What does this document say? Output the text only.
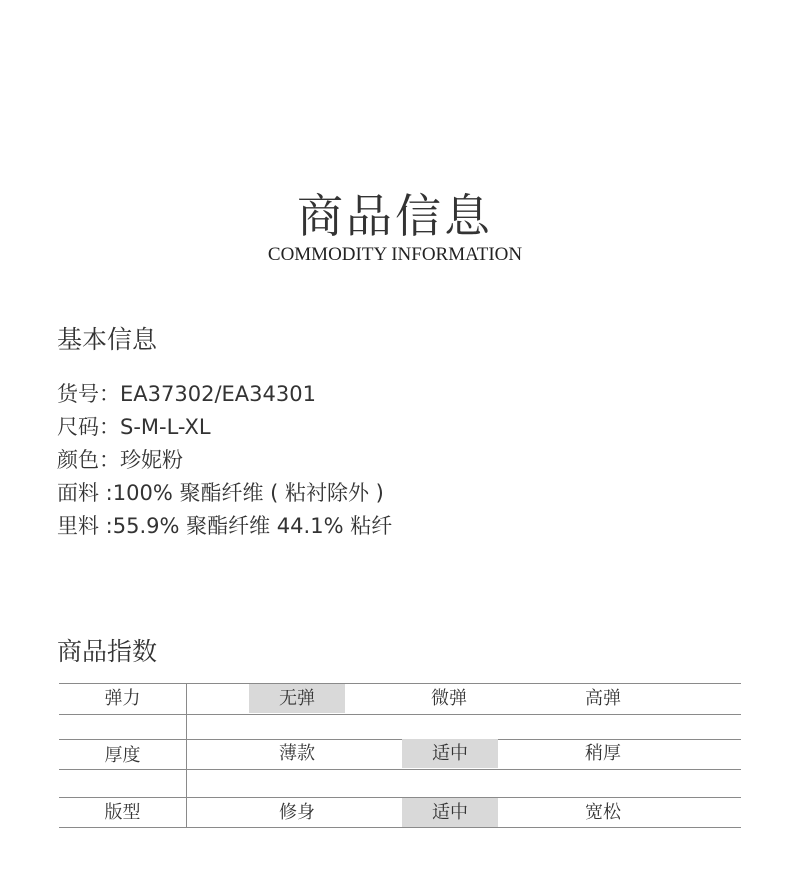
商品信息
COMMODITY INFORMATION
基本信息
货号：EA37302/EA34301
尺码：S-M-L-XL
颜色：珍妮粉
面料 :100% 聚酯纤维 ( 粘衬除外 )
里料 :55.9% 聚酯纤维 44.1% 粘纤
商品指数
弹力	无弹	微弹	高弹
厚度	薄款	适中	稍厚
版型	修身	适中	宽松
